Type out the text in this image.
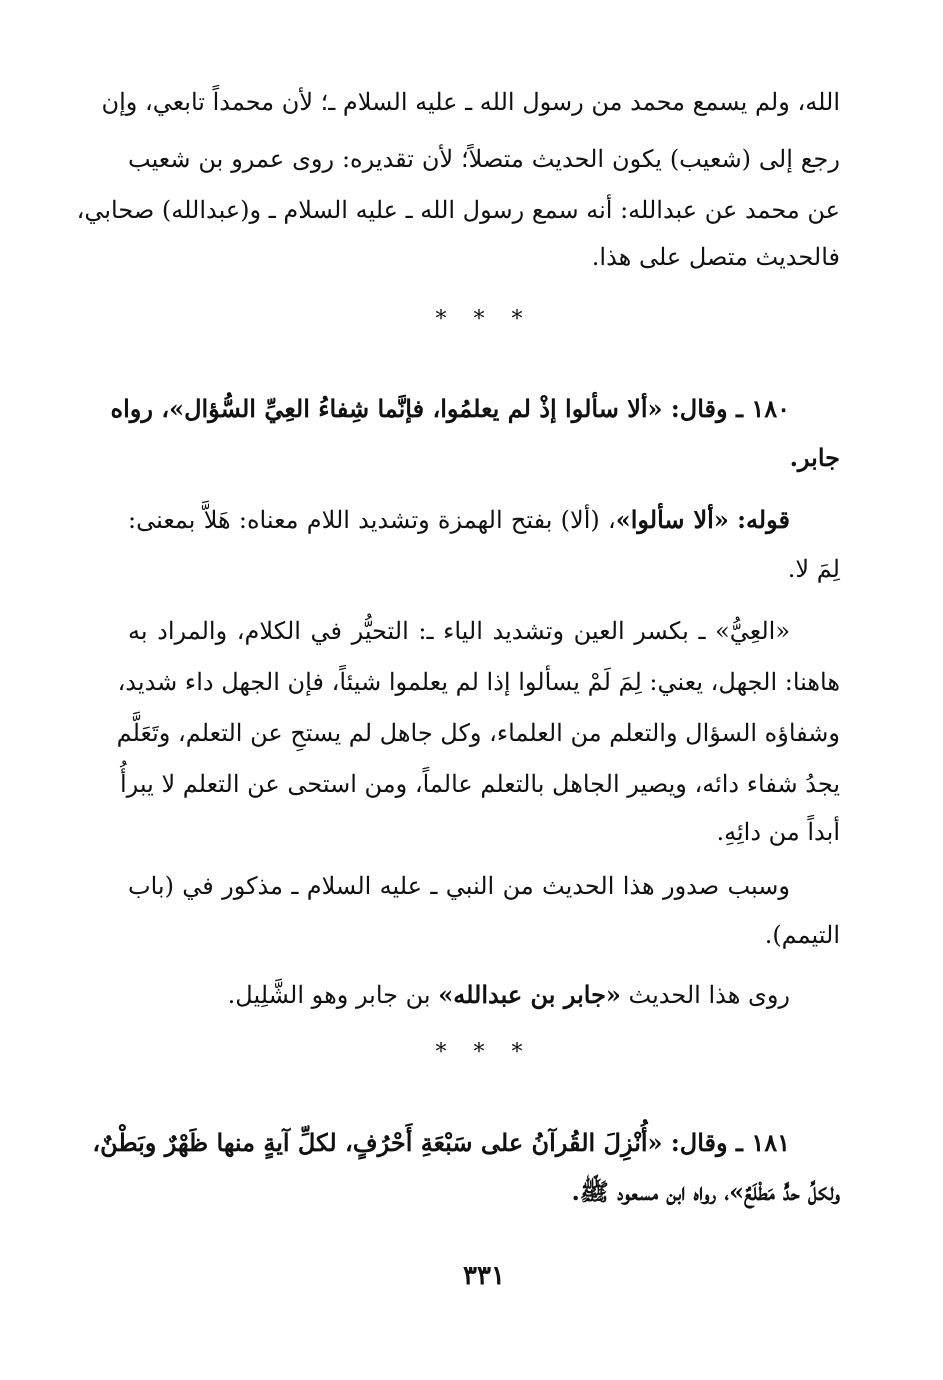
الله، ولم يسمع محمد من رسول الله ـ عليه السلام ـ؛ لأن محمداً تابعي، وإن
رجع إلى (شعيب) يكون الحديث متصلاً؛ لأن تقديره: روى عمرو بن شعيب
عن محمد عن عبدالله: أنه سمع رسول الله ـ عليه السلام ـ و(عبدالله) صحابي،
فالحديث متصل على هذا.
* * *
١٨٠ ـ وقال: «ألا سألوا إذْ لم يعلمُوا، فإنَّما شِفاءُ العِيِّ السُّؤال»، رواه
جابر.
قوله: «ألا سألوا»، (ألا) بفتح الهمزة وتشديد اللام معناه: هَلاَّ بمعنى:
لِمَ لا.
«العِيُّ» ـ بكسر العين وتشديد الياء ـ: التحيُّر في الكلام، والمراد به
هاهنا: الجهل، يعني: لِمَ لَمْ يسألوا إذا لم يعلموا شيئاً، فإن الجهل داء شديد،
وشفاؤه السؤال والتعلم من العلماء، وكل جاهل لم يستحِ عن التعلم، وتَعَلَّم
يجدُ شفاء دائه، ويصير الجاهل بالتعلم عالماً، ومن استحى عن التعلم لا يبرأُ
أبداً من دائِهِ.
وسبب صدور هذا الحديث من النبي ـ عليه السلام ـ مذكور في (باب
التيمم).
روى هذا الحديث «جابر بن عبدالله» بن جابر وهو الشَّلِيل.
* * *
١٨١ ـ وقال: «أُنْزِلَ القُرآنُ على سَبْعَةِ أَحْرُفٍ، لكلِّ آيةٍ منها ظَهْرٌ وبَطْنٌ،
ولكلِّ حدٍّ مَطْلَعٌ»، رواه ابن مسعود ﷺ.
٣٣١
